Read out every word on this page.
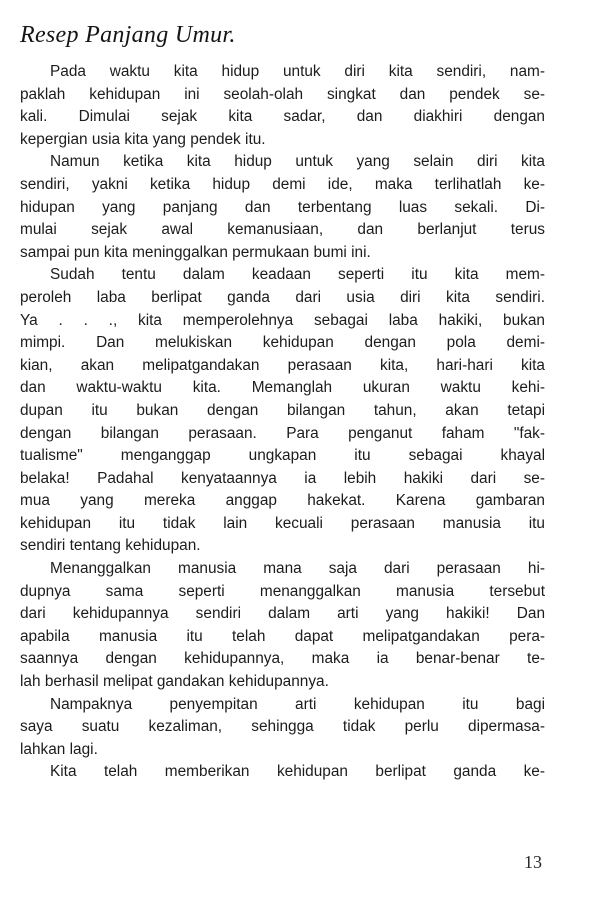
Resep Panjang Umur.
Pada waktu kita hidup untuk diri kita sendiri, nam-
paklah kehidupan ini seolah-olah singkat dan pendek se-
kali. Dimulai sejak kita sadar, dan diakhiri dengan
kepergian usia kita yang pendek itu.
Namun ketika kita hidup untuk yang selain diri kita
sendiri, yakni ketika hidup demi ide, maka terlihatlah ke-
hidupan yang panjang dan terbentang luas sekali. Di-
mulai sejak awal kemanusiaan, dan berlanjut terus
sampai pun kita meninggalkan permukaan bumi ini.
Sudah tentu dalam keadaan seperti itu kita mem-
peroleh laba berlipat ganda dari usia diri kita sendiri.
Ya . . ., kita memperolehnya sebagai laba hakiki, bukan
mimpi. Dan melukiskan kehidupan dengan pola demi-
kian, akan melipatgandakan perasaan kita, hari-hari kita
dan waktu-waktu kita. Memanglah ukuran waktu kehi-
dupan itu bukan dengan bilangan tahun, akan tetapi
dengan bilangan perasaan. Para penganut faham "fak-
tualisme" menganggap ungkapan itu sebagai khayal
belaka! Padahal kenyataannya ia lebih hakiki dari se-
mua yang mereka anggap hakekat. Karena gambaran
kehidupan itu tidak lain kecuali perasaan manusia itu
sendiri tentang kehidupan.
Menanggalkan manusia mana saja dari perasaan hi-
dupnya sama seperti menanggalkan manusia tersebut
dari kehidupannya sendiri dalam arti yang hakiki! Dan
apabila manusia itu telah dapat melipatgandakan pera-
saannya dengan kehidupannya, maka ia benar-benar te-
lah berhasil melipat gandakan kehidupannya.
Nampaknya penyempitan arti kehidupan itu bagi
saya suatu kezaliman, sehingga tidak perlu dipermasa-
lahkan lagi.
Kita telah memberikan kehidupan berlipat ganda ke-
13
